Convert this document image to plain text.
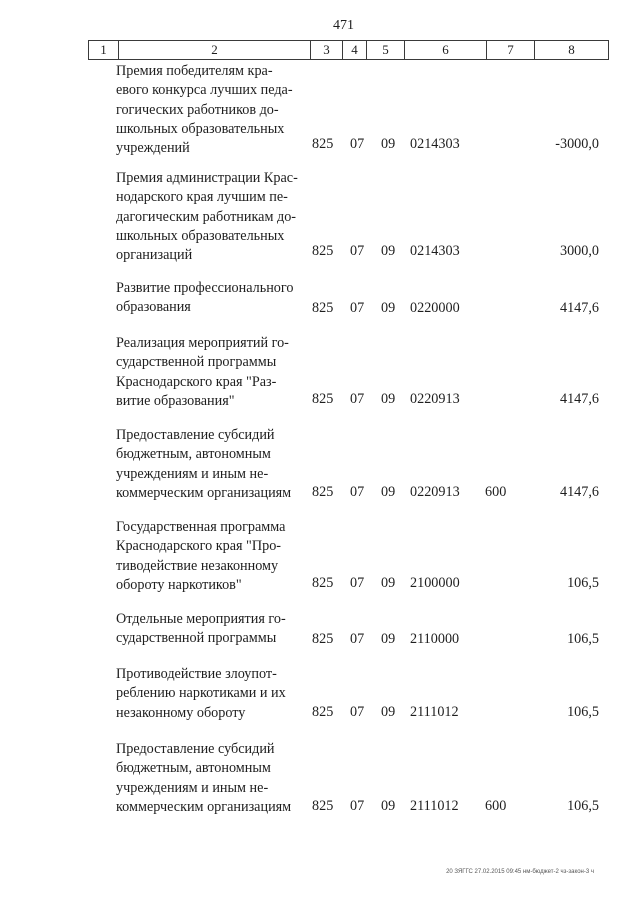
471
1	2	3	4	5	6	7	8
Премия победителям кра-
евого конкурса лучших педа-
гогических работников до-
школьных образовательных
учреждений	825 07 09 0214303	-3000,0
Премия администрации Крас-
нодарского края лучшим пе-
дагогическим работникам до-
школьных образовательных
организаций	825 07 09 0214303	3000,0
Развитие профессионального
образования	825 07 09 0220000	4147,6
Реализация мероприятий го-
сударственной программы
Краснодарского края "Раз-
витие образования"	825 07 09 0220913	4147,6
Предоставление субсидий
бюджетным, автономным
учреждениям и иным не-
коммерческим организациям	825 07 09 0220913 600	4147,6
Государственная программа
Краснодарского края "Про-
тиводействие незаконному
обороту наркотиков"	825 07 09 2100000	106,5
Отдельные мероприятия го-
сударственной программы	825 07 09 2110000	106,5
Противодействие злоупот-
реблению наркотиками и их
незаконному обороту	825 07 09 2111012	106,5
Предоставление субсидий
бюджетным, автономным
учреждениям и иным не-
коммерческим организациям	825 07 09 2111012 600	106,5
20 ЗЯГГС 27.02.2015 09:45 нм-бюджет-2 чз-закон-3 ч
